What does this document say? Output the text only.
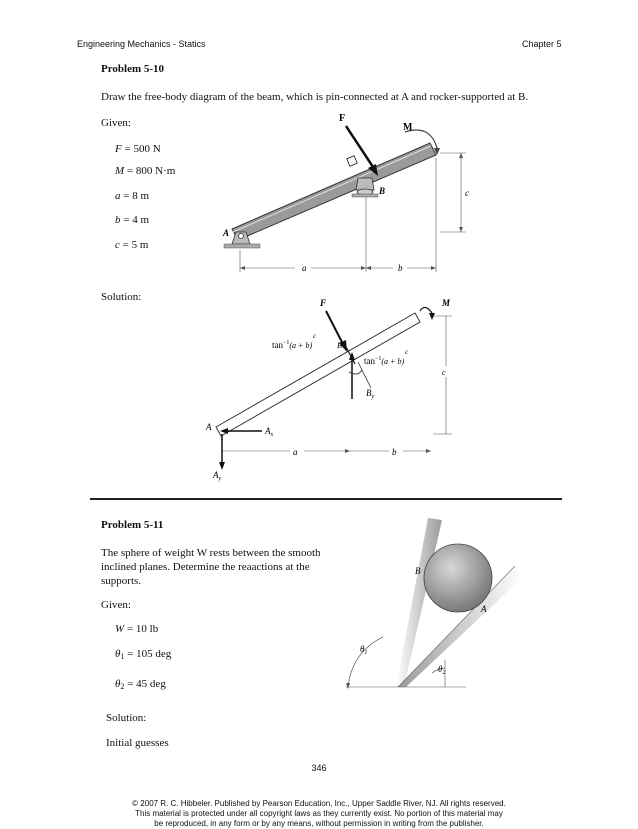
Engineering Mechanics - Statics	Chapter 5
Problem 5-10
Draw the free-body diagram of the beam, which is pin-connected at A and rocker-supported at B.
Given:
F = 500 N
M = 800 N·m
a = 8 m
b = 4 m
c = 5 m
Solution:
a	b
c
F
M
B
A
c
a	b
F	M
A	$A_x$
$A_y$
B
$B_y$
$\tan^{-1}(a + b)$
c
$\tan^{-1}(a + b)$
c
Problem 5-11
The sphere of weight W rests between the smooth
inclined planes. Determine the reaactions at the
supports.
Given:
W = 10 lb
$\theta_1 = 105$ deg
$\theta_2 = 45$ deg
Solution:
Initial guesses
B
A
$\theta_1$
$\theta_2$
346
© 2007 R. C. Hibbeler. Published by Pearson Education, Inc., Upper Saddle River, NJ. All rights reserved.
This material is protected under all copyright laws as they currently exist. No portion of this material may
be reproduced, in any form or by any means, without permission in writing from the publisher.
